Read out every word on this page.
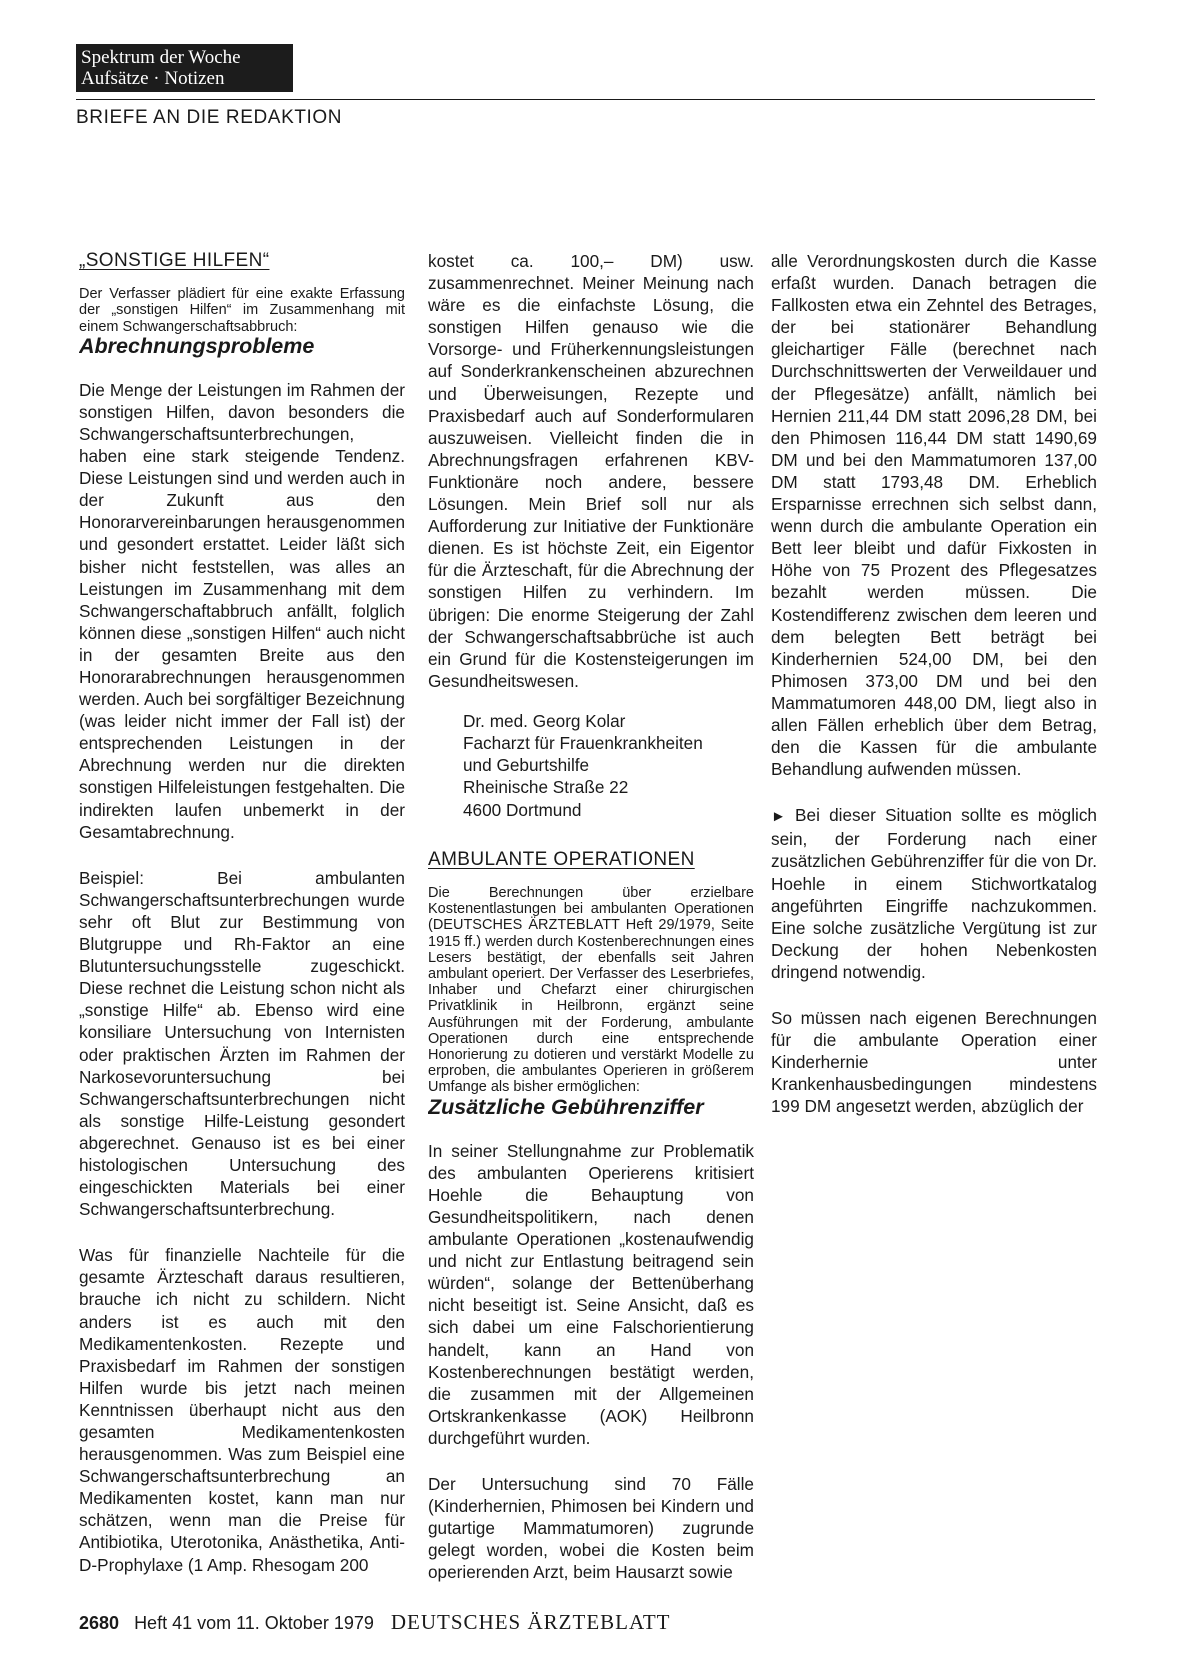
Spektrum der Woche
Aufsätze · Notizen
BRIEFE AN DIE REDAKTION
„SONSTIGE HILFEN“

Der Verfasser plädiert für eine exakte Erfassung der „sonstigen Hilfen“ im Zusammenhang mit einem Schwangerschaftsabbruch:

Abrechnungsprobleme

Die Menge der Leistungen im Rahmen der sonstigen Hilfen, davon besonders die Schwangerschaftsunterbrechungen, haben eine stark steigende Tendenz. Diese Leistungen sind und werden auch in der Zukunft aus den Honorarvereinbarungen herausgenommen und gesondert erstattet. Leider läßt sich bisher nicht feststellen, was alles an Leistungen im Zusammenhang mit dem Schwangerschaftabbruch anfällt, folglich können diese „sonstigen Hilfen“ auch nicht in der gesamten Breite aus den Honorarabrechnungen herausgenommen werden. Auch bei sorgfältiger Bezeichnung (was leider nicht immer der Fall ist) der entsprechenden Leistungen in der Abrechnung werden nur die direkten sonstigen Hilfeleistungen festgehalten. Die indirekten laufen unbemerkt in der Gesamtabrechnung.

Beispiel: Bei ambulanten Schwangerschaftsunterbrechungen wurde sehr oft Blut zur Bestimmung von Blutgruppe und Rh-Faktor an eine Blutuntersuchungsstelle zugeschickt. Diese rechnet die Leistung schon nicht als „sonstige Hilfe“ ab. Ebenso wird eine konsiliare Untersuchung von Internisten oder praktischen Ärzten im Rahmen der Narkosevoruntersuchung bei Schwangerschaftsunterbrechungen nicht als sonstige Hilfe-Leistung gesondert abgerechnet. Genauso ist es bei einer histologischen Untersuchung des eingeschickten Materials bei einer Schwangerschaftsunterbrechung.

Was für finanzielle Nachteile für die gesamte Ärzteschaft daraus resultieren, brauche ich nicht zu schildern. Nicht anders ist es auch mit den Medikamentenkosten. Rezepte und Praxisbedarf im Rahmen der sonstigen Hilfen wurde bis jetzt nach meinen Kenntnissen überhaupt nicht aus den gesamten Medikamentenkosten herausgenommen. Was zum Beispiel eine Schwangerschaftsunterbrechung an Medikamenten kostet, kann man nur schätzen, wenn man die Preise für Antibiotika, Uterotonika, Anästhetika, Anti-D-Prophylaxe (1 Amp. Rhesogam 200

kostet ca. 100,– DM) usw. zusammenrechnet. Meiner Meinung nach wäre es die einfachste Lösung, die sonstigen Hilfen genauso wie die Vorsorge- und Früherkennungsleistungen auf Sonderkrankenscheinen abzurechnen und Überweisungen, Rezepte und Praxisbedarf auch auf Sonderformularen auszuweisen. Vielleicht finden die in Abrechnungsfragen erfahrenen KBV-Funktionäre noch andere, bessere Lösungen. Mein Brief soll nur als Aufforderung zur Initiative der Funktionäre dienen. Es ist höchste Zeit, ein Eigentor für die Ärzteschaft, für die Abrechnung der sonstigen Hilfen zu verhindern. Im übrigen: Die enorme Steigerung der Zahl der Schwangerschaftsabbrüche ist auch ein Grund für die Kostensteigerungen im Gesundheitswesen.

Dr. med. Georg Kolar
Facharzt für Frauenkrankheiten
und Geburtshilfe
Rheinische Straße 22
4600 Dortmund
AMBULANTE OPERATIONEN

Die Berechnungen über erzielbare Kostenentlastungen bei ambulanten Operationen (DEUTSCHES ÄRZTEBLATT Heft 29/1979, Seite 1915 ff.) werden durch Kostenberechnungen eines Lesers bestätigt, der ebenfalls seit Jahren ambulant operiert. Der Verfasser des Leserbriefes, Inhaber und Chefarzt einer chirurgischen Privatklinik in Heilbronn, ergänzt seine Ausführungen mit der Forderung, ambulante Operationen durch eine entsprechende Honorierung zu dotieren und verstärkt Modelle zu erproben, die ambulantes Operieren in größerem Umfange als bisher ermöglichen:

Zusätzliche Gebührenziffer

In seiner Stellungnahme zur Problematik des ambulanten Operierens kritisiert Hoehle die Behauptung von Gesundheitspolitikern, nach denen ambulante Operationen „kostenaufwendig und nicht zur Entlastung beitragend sein würden“, solange der Bettenüberhang nicht beseitigt ist. Seine Ansicht, daß es sich dabei um eine Falschorientierung handelt, kann an Hand von Kostenberechnungen bestätigt werden, die zusammen mit der Allgemeinen Ortskrankenkasse (AOK) Heilbronn durchgeführt wurden.

Der Untersuchung sind 70 Fälle (Kinderhernien, Phimosen bei Kindern und gutartige Mammatumoren) zugrunde gelegt worden, wobei die Kosten beim operierenden Arzt, beim Hausarzt sowie

alle Verordnungskosten durch die Kasse erfaßt wurden. Danach betragen die Fallkosten etwa ein Zehntel des Betrages, der bei stationärer Behandlung gleichartiger Fälle (berechnet nach Durchschnittswerten der Verweildauer und der Pflegesätze) anfällt, nämlich bei Hernien 211,44 DM statt 2096,28 DM, bei den Phimosen 116,44 DM statt 1490,69 DM und bei den Mammatumoren 137,00 DM statt 1793,48 DM. Erheblich Ersparnisse errechnen sich selbst dann, wenn durch die ambulante Operation ein Bett leer bleibt und dafür Fixkosten in Höhe von 75 Prozent des Pflegesatzes bezahlt werden müssen. Die Kostendifferenz zwischen dem leeren und dem belegten Bett beträgt bei Kinderhernien 524,00 DM, bei den Phimosen 373,00 DM und bei den Mammatumoren 448,00 DM, liegt also in allen Fällen erheblich über dem Betrag, den die Kassen für die ambulante Behandlung aufwenden müssen.

► Bei dieser Situation sollte es möglich sein, der Forderung nach einer zusätzlichen Gebührenziffer für die von Dr. Hoehle in einem Stichwortkatalog angeführten Eingriffe nachzukommen. Eine solche zusätzliche Vergütung ist zur Deckung der hohen Nebenkosten dringend notwendig.

So müssen nach eigenen Berechnungen für die ambulante Operation einer Kinderhernie unter Krankenhausbedingungen mindestens 199 DM angesetzt werden, abzüglich der

2680 Heft 41 vom 11. Oktober 1979 DEUTSCHES ÄRZTEBLATT
